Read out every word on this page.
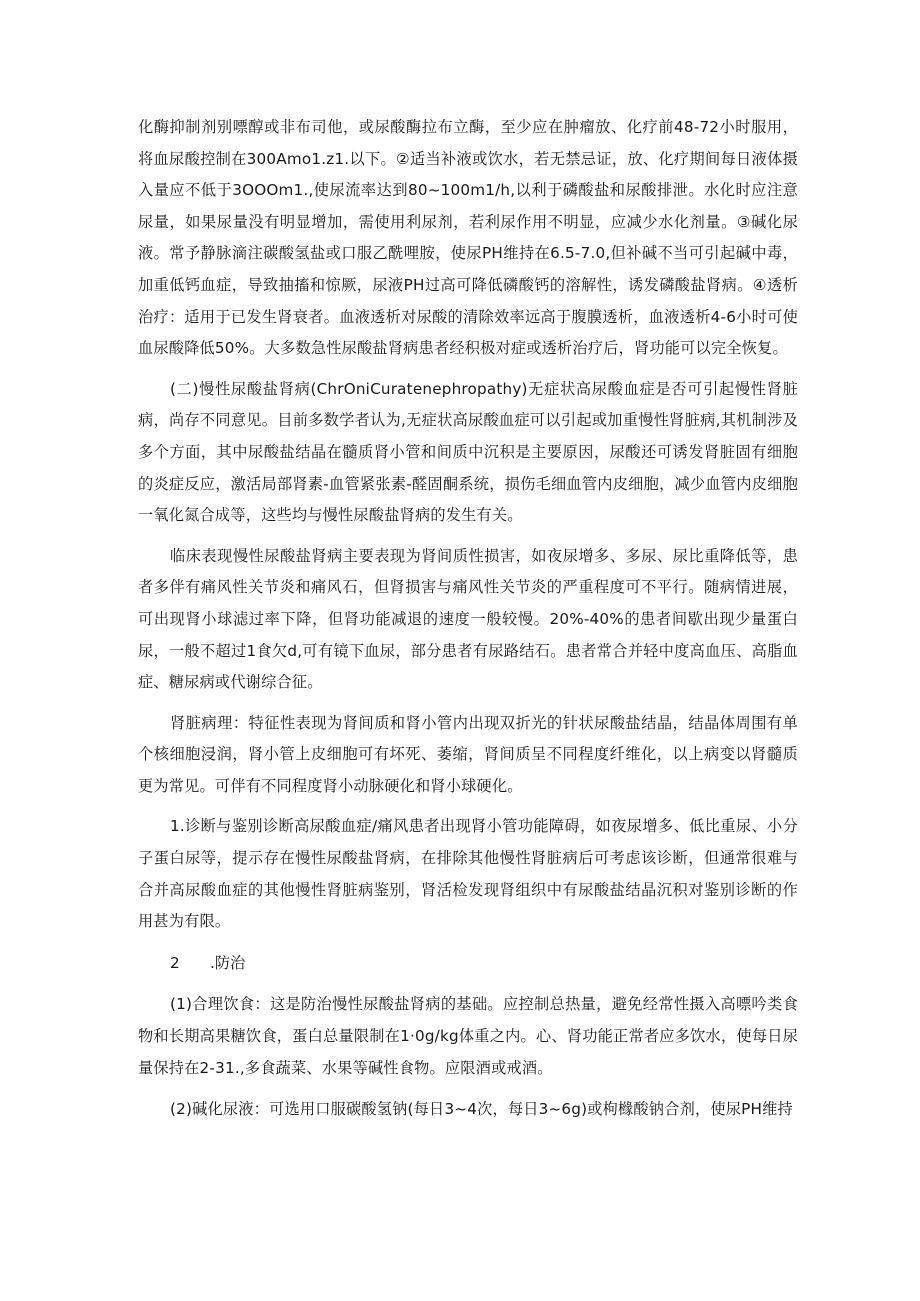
化酶抑制剂别嘌醇或非布司他，或尿酸酶拉布立酶，至少应在肿瘤放、化疗前48-72小时服用，将血尿酸控制在300Amo1.z1.以下。②适当补液或饮水，若无禁忌证，放、化疗期间每日液体摄入量应不低于3OOOm1.,使尿流率达到80~100m1∕h,以利于磷酸盐和尿酸排泄。水化时应注意尿量，如果尿量没有明显增加，需使用利尿剂，若利尿作用不明显，应减少水化剂量。③碱化尿液。常予静脉滴注碳酸氢盐或口服乙酰哩胺，使尿PH维持在6.5-7.0,但补碱不当可引起碱中毒，加重低钙血症，导致抽搐和惊厥，尿液PH过高可降低磷酸钙的溶解性，诱发磷酸盐肾病。④透析治疗：适用于已发生肾衰者。血液透析对尿酸的清除效率远高于腹膜透析，血液透析4-6小时可使血尿酸降低50%。大多数急性尿酸盐肾病患者经积极对症或透析治疗后，肾功能可以完全恢复。

(二)慢性尿酸盐肾病(ChrOniCuratenephropathy)无症状高尿酸血症是否可引起慢性肾脏病，尚存不同意见。目前多数学者认为,无症状高尿酸血症可以引起或加重慢性肾脏病,其机制涉及多个方面，其中尿酸盐结晶在髓质肾小管和间质中沉积是主要原因，尿酸还可诱发肾脏固有细胞的炎症反应，激活局部肾素-血管紧张素-醛固酮系统，损伤毛细血管内皮细胞，减少血管内皮细胞一氧化氮合成等，这些均与慢性尿酸盐肾病的发生有关。

临床表现慢性尿酸盐肾病主要表现为肾间质性损害，如夜尿增多、多尿、尿比重降低等，患者多伴有痛风性关节炎和痛风石，但肾损害与痛风性关节炎的严重程度可不平行。随病情进展，可出现肾小球滤过率下降，但肾功能减退的速度一般较慢。20%-40%的患者间歇出现少量蛋白尿，一般不超过1食欠d,可有镜下血尿，部分患者有尿路结石。患者常合并轻中度高血压、高脂血症、糖尿病或代谢综合征。

肾脏病理：特征性表现为肾间质和肾小管内出现双折光的针状尿酸盐结晶，结晶体周围有单个核细胞浸润，肾小管上皮细胞可有坏死、萎缩，肾间质呈不同程度纤维化，以上病变以肾髓质更为常见。可伴有不同程度肾小动脉硬化和肾小球硬化。

1.诊断与鉴别诊断高尿酸血症/痛风患者出现肾小管功能障碍，如夜尿增多、低比重尿、小分子蛋白尿等，提示存在慢性尿酸盐肾病，在排除其他慢性肾脏病后可考虑该诊断，但通常很难与合并高尿酸血症的其他慢性肾脏病鉴别，肾活检发现肾组织中有尿酸盐结晶沉积对鉴别诊断的作用甚为有限。

2 .防治

(1)合理饮食：这是防治慢性尿酸盐肾病的基础。应控制总热量，避免经常性摄入高嘌吟类食物和长期高果糖饮食，蛋白总量限制在1·0g∕kg体重之内。心、肾功能正常者应多饮水，使每日尿量保持在2-31.,多食蔬菜、水果等碱性食物。应限酒或戒酒。

(2)碱化尿液：可选用口服碳酸氢钠(每日3~4次，每日3~6g)或枸橼酸钠合剂，使尿PH维持
